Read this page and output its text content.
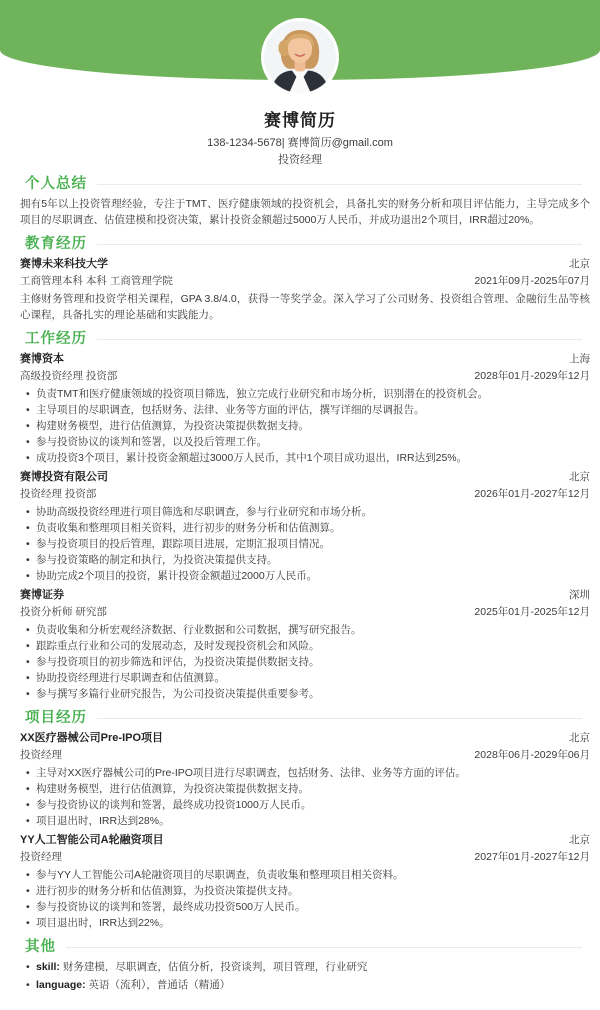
赛博简历
138-1234-5678| 赛博简历@gmail.com
投资经理
个人总结

拥有5年以上投资管理经验，专注于TMT、医疗健康领域的投资机会，具备扎实的财务分析和项目评估能力，主导完成多个项目的尽职调查、估值建模和投资决策，累计投资金额超过5000万人民币，并成功退出2个项目，IRR超过20%。

教育经历
赛博未来科技大学	北京
工商管理本科 本科 工商管理学院	2021年09月-2025年07月

主修财务管理和投资学相关课程，GPA 3.8/4.0，获得一等奖学金。深入学习了公司财务、投资组合管理、金融衍生品等核心课程，具备扎实的理论基础和实践能力。

工作经历
赛博资本	上海
高级投资经理 投资部	2028年01月-2029年12月
• 负责TMT和医疗健康领域的投资项目筛选，独立完成行业研究和市场分析，识别潜在的投资机会。
• 主导项目的尽职调查，包括财务、法律、业务等方面的评估，撰写详细的尽调报告。
• 构建财务模型，进行估值测算，为投资决策提供数据支持。
• 参与投资协议的谈判和签署，以及投后管理工作。
• 成功投资3个项目，累计投资金额超过3000万人民币，其中1个项目成功退出，IRR达到25%。
赛博投资有限公司	北京
投资经理 投资部	2026年01月-2027年12月
• 协助高级投资经理进行项目筛选和尽职调查，参与行业研究和市场分析。
• 负责收集和整理项目相关资料，进行初步的财务分析和估值测算。
• 参与投资项目的投后管理，跟踪项目进展，定期汇报项目情况。
• 参与投资策略的制定和执行，为投资决策提供支持。
• 协助完成2个项目的投资，累计投资金额超过2000万人民币。
赛博证券	深圳
投资分析师 研究部	2025年01月-2025年12月
• 负责收集和分析宏观经济数据、行业数据和公司数据，撰写研究报告。
• 跟踪重点行业和公司的发展动态，及时发现投资机会和风险。
• 参与投资项目的初步筛选和评估，为投资决策提供数据支持。
• 协助投资经理进行尽职调查和估值测算。
• 参与撰写多篇行业研究报告，为公司投资决策提供重要参考。
项目经历
XX医疗器械公司Pre-IPO项目	北京
投资经理	2028年06月-2029年06月
• 主导对XX医疗器械公司的Pre-IPO项目进行尽职调查，包括财务、法律、业务等方面的评估。
• 构建财务模型，进行估值测算，为投资决策提供数据支持。
• 参与投资协议的谈判和签署，最终成功投资1000万人民币。
• 项目退出时，IRR达到28%。
YY人工智能公司A轮融资项目	北京
投资经理	2027年01月-2027年12月
• 参与YY人工智能公司A轮融资项目的尽职调查，负责收集和整理项目相关资料。
• 进行初步的财务分析和估值测算，为投资决策提供支持。
• 参与投资协议的谈判和签署，最终成功投资500万人民币。
• 项目退出时，IRR达到22%。
其他
• skill: 财务建模，尽职调查，估值分析，投资谈判，项目管理，行业研究
• language: 英语（流利），普通话（精通）
